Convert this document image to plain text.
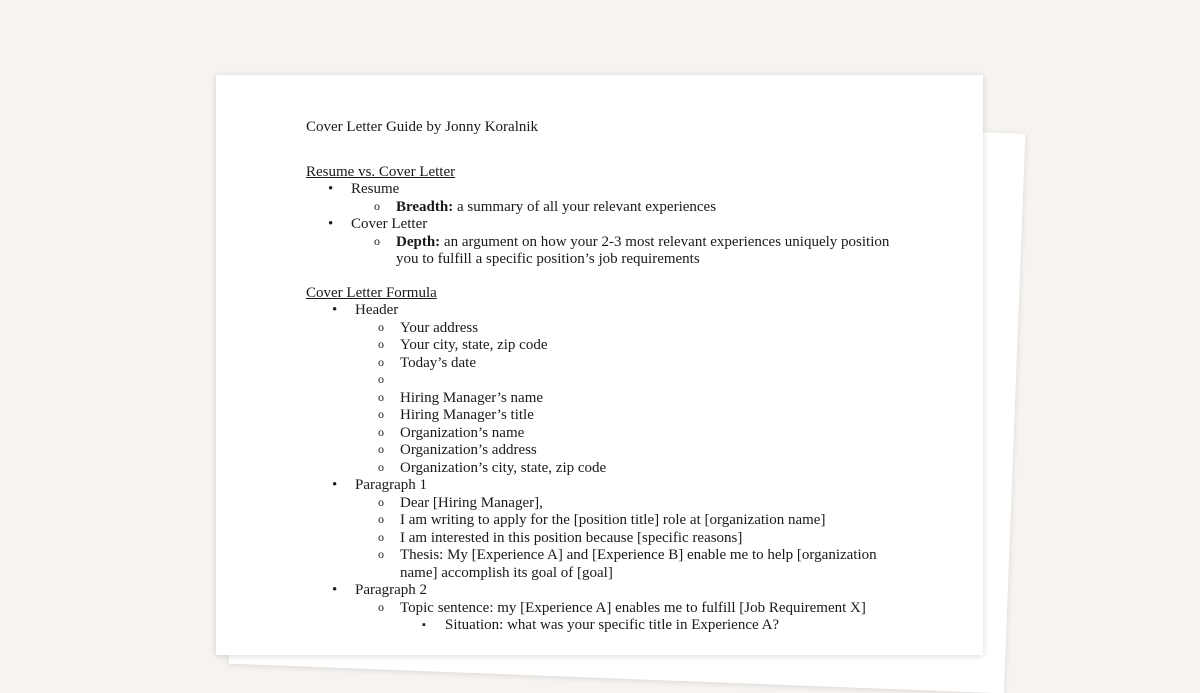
Cover Letter Guide by Jonny Koralnik
Resume vs. Cover Letter
• Resume
o Breadth: a summary of all your relevant experiences
• Cover Letter
o Depth: an argument on how your 2-3 most relevant experiences uniquely position you to fulfill a specific position’s job requirements
Cover Letter Formula
• Header
o Your address
o Your city, state, zip code
o Today’s date
o
o Hiring Manager’s name
o Hiring Manager’s title
o Organization’s name
o Organization’s address
o Organization’s city, state, zip code
• Paragraph 1
o Dear [Hiring Manager],
o I am writing to apply for the [position title] role at [organization name]
o I am interested in this position because [specific reasons]
o Thesis: My [Experience A] and [Experience B] enable me to help [organization name] accomplish its goal of [goal]
• Paragraph 2
o Topic sentence: my [Experience A] enables me to fulfill [Job Requirement X]
▪ Situation: what was your specific title in Experience A?
